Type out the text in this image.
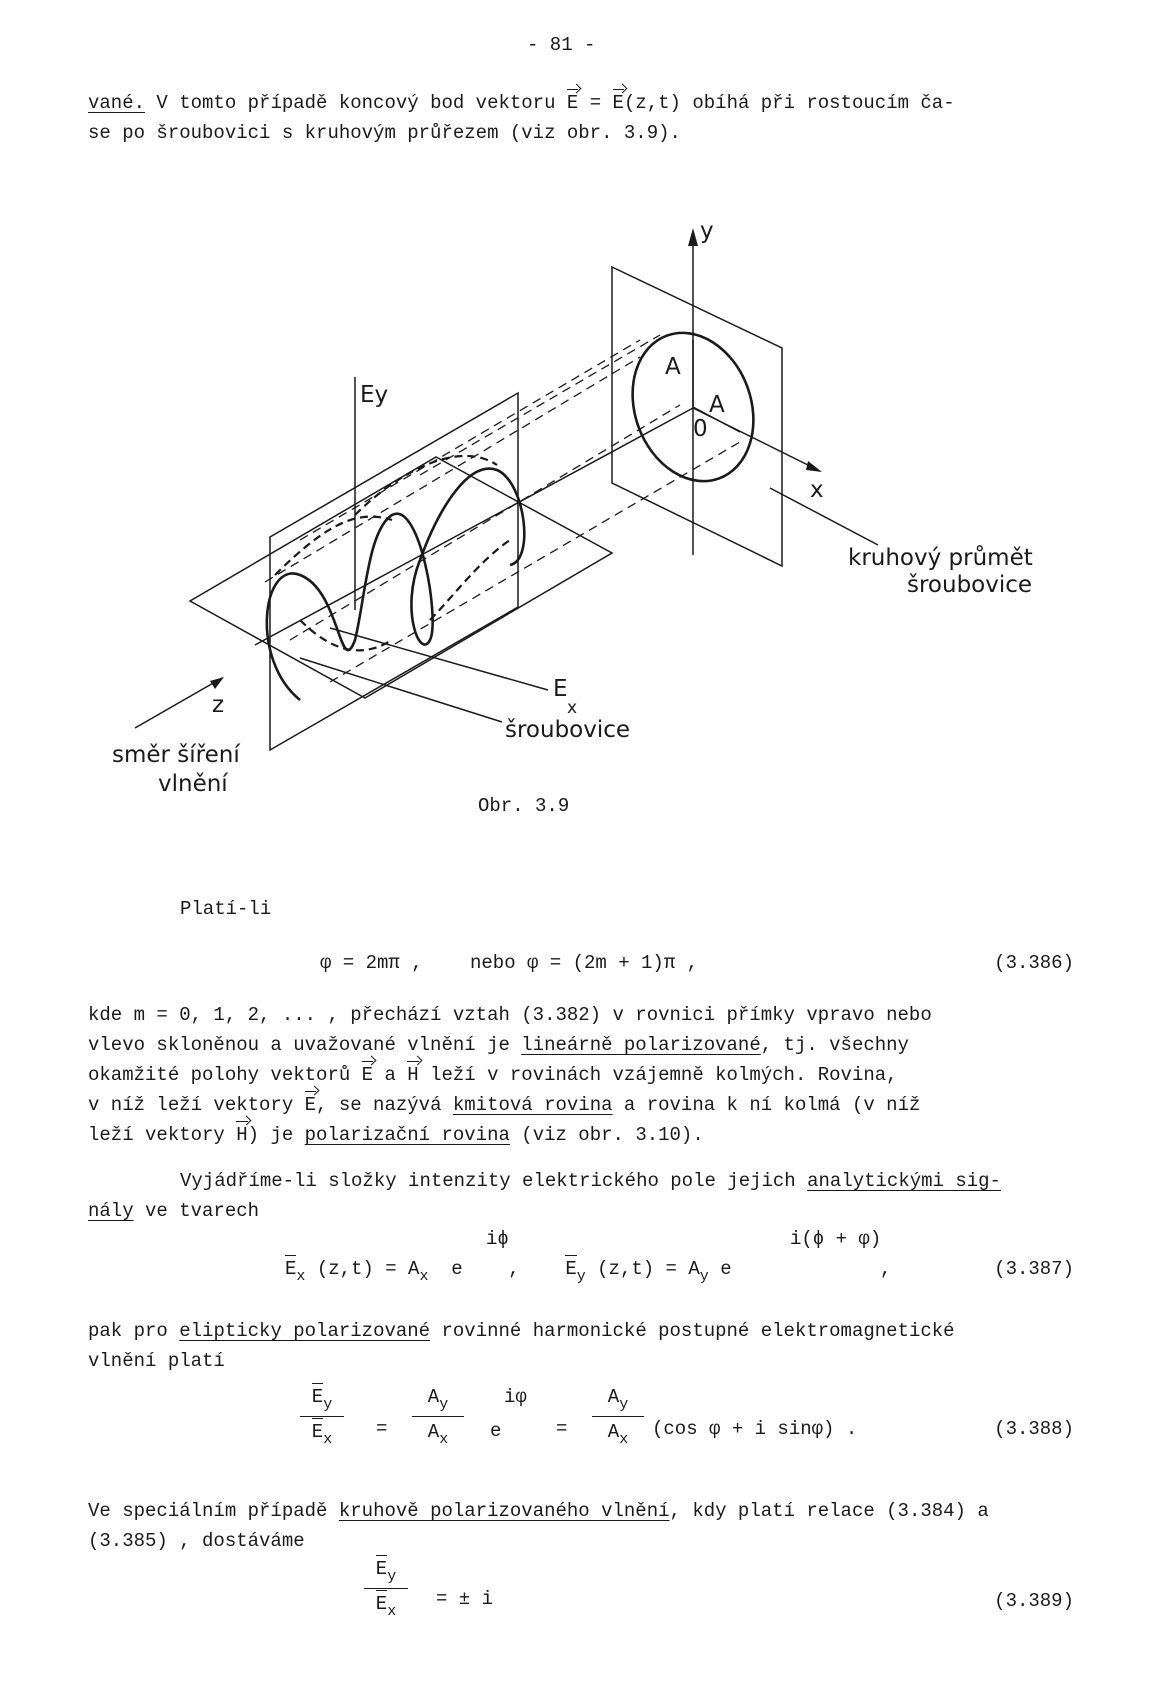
- 81 -
vané. V tomto případě koncový bod vektoru E = E(z,t) obíhá při rostoucím ča-
se po šroubovici s kruhovým průřezem (viz obr. 3.9).
y
Ey
A
A
0
x
z
E
x
šroubovice
kruhový průmět
šroubovice
směr šíření
vlnění
Obr. 3.9
Platí-li
φ = 2mπ , nebo φ = (2m + 1)π ,	(3.386)
kde m = 0, 1, 2, ... , přechází vztah (3.382) v rovnici přímky vpravo nebo
vlevo skloněnou a uvažované vlnění je lineárně polarizované, tj. všechny
okamžité polohy vektorů E a H leží v rovinách vzájemně kolmých. Rovina,
v níž leží vektory E, se nazývá kmitová rovina a rovina k ní kolmá (v níž
leží vektory H) je polarizační rovina (viz obr. 3.10).
Vyjádříme-li složky intenzity elektrického pole jejich analytickými sig-
nály ve tvarech
iϕ	i(ϕ + φ)
$E_x$ $(z,t) = A_x$ e , $E_y$ $(z,t) = A_y$ e	,	(3.387)
pak pro elipticky polarizované rovinné harmonické postupné elektromagnetické
vlnění platí
$E_y$
$E_x$	=
$A_y$
$A_x$	e
iφ
=
$A_y$
$A_x$	(cos φ + i sinφ) .	(3.388)
Ve speciálním případě kruhově polarizovaného vlnění, kdy platí relace (3.384) a
(3.385) , dostáváme
$E_y$
$E_x$
= ± i	(3.389)
